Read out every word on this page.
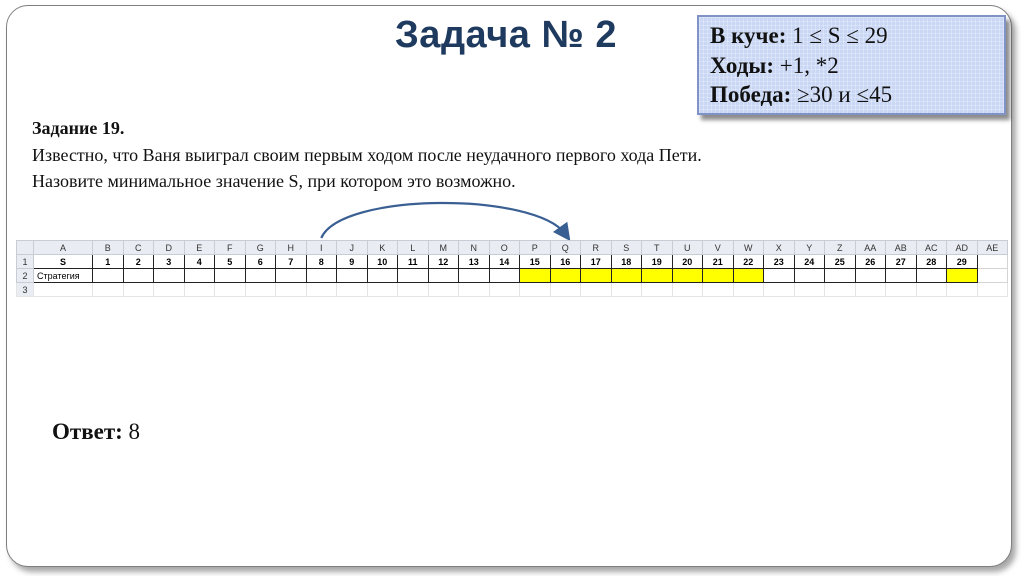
Задача № 2	В куче: 1 ≤ S ≤ 29
Ходы: +1, *2
Победа: ≥30 и ≤45
Задание 19.
Известно, что Ваня выиграл своим первым ходом после неудачного первого хода Пети.
Назовите минимальное значение S, при котором это возможно.
	A	B	C	D	E	F	G	H	I	J	K	L	M	N	O	P	Q	R	S	T	U	V	W	X	Y	Z	AA	AB	AC	AD	AE
1	S	1	2	3	4	5	6	7	8	9	10	11	12	13	14	15	16	17	18	19	20	21	22	23	24	25	26	27	28	29	
2	Стратегия																														
3																															
Ответ: 8
